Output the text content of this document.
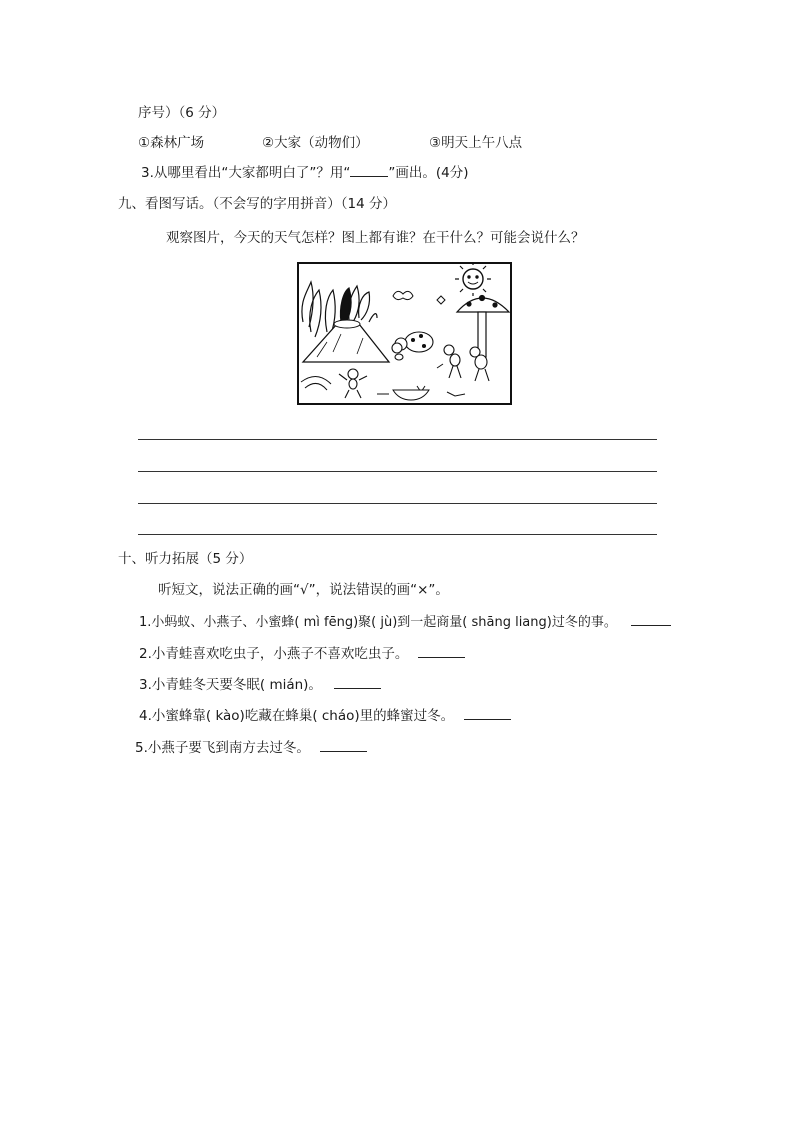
序号）（6 分）
①森林广场	②大家（动物们）	③明天上午八点
3.从哪里看出“大家都明白了”？用“	”画出。(4分)
九、看图写话。（不会写的字用拼音）（14 分）
观察图片，今天的天气怎样？图上都有谁？在干什么？可能会说什么？
十、听力拓展（5 分）
听短文，说法正确的画“√”，说法错误的画“×”。
1.小蚂蚁、小燕子、小蜜蜂( mì fēng)聚( jù)到一起商量( shāng liang)过冬的事。
2.小青蛙喜欢吃虫子，小燕子不喜欢吃虫子。
3.小青蛙冬天要冬眠( mián)。
4.小蜜蜂靠( kào)吃藏在蜂巢( cháo)里的蜂蜜过冬。
5.小燕子要飞到南方去过冬。
